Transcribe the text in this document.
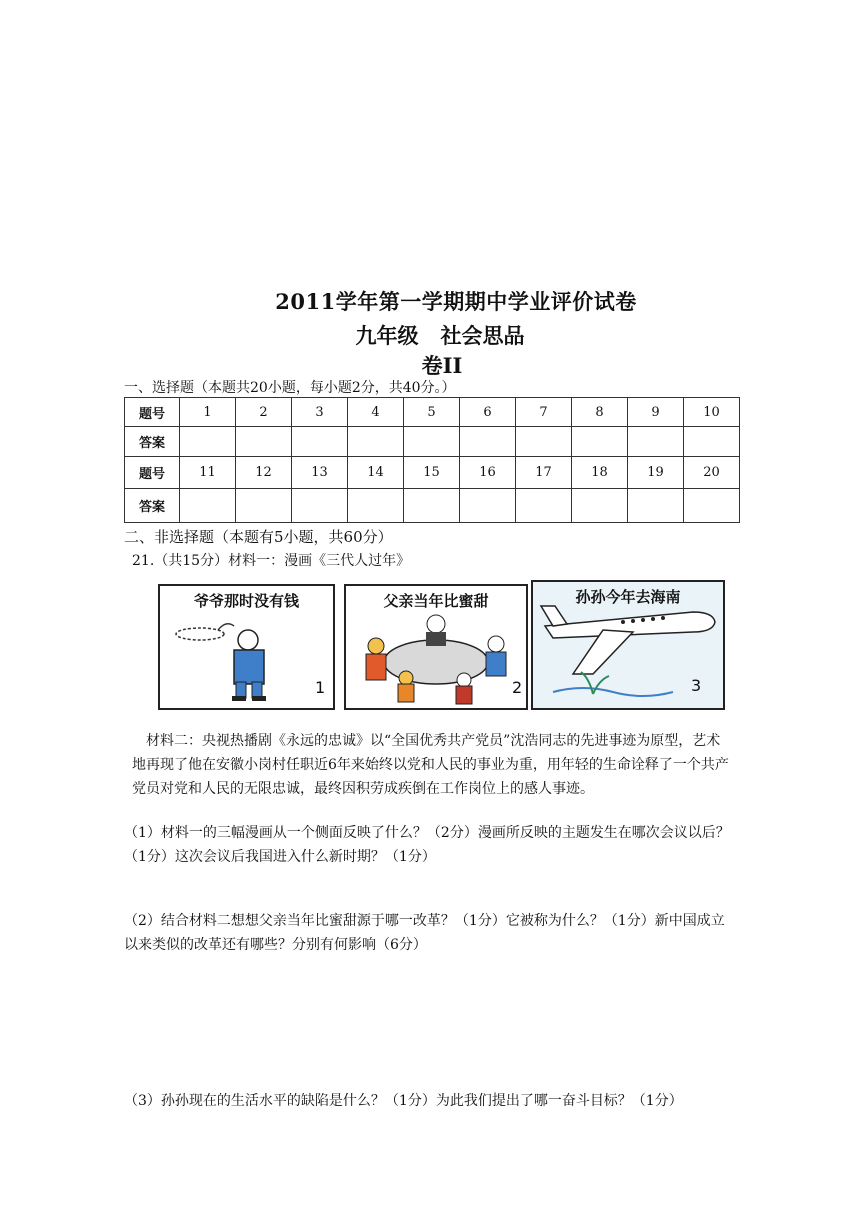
2011学年第一学期期中学业评价试卷
九年级   社会思品
卷II
一、选择题（本题共20小题，每小题2分，共40分。）
题号	1	2	3	4	5	6	7	8	9	10
答案										
题号	11	12	13	14	15	16	17	18	19	20
答案										
二、非选择题（本题有5小题，共60分）
21.（共15分）材料一：漫画《三代人过年》
爷爷那时没有钱
1
父亲当年比蜜甜
2
孙孙今年去海南
3
材料二：央视热播剧《永远的忠诚》以“全国优秀共产党员”沈浩同志的先进事迹为原型，艺术地再现了他在安徽小岗村任职近6年来始终以党和人民的事业为重，用年轻的生命诠释了一个共产党员对党和人民的无限忠诚，最终因积劳成疾倒在工作岗位上的感人事迹。
（1）材料一的三幅漫画从一个侧面反映了什么？（2分）漫画所反映的主题发生在哪次会议以后？（1分）这次会议后我国进入什么新时期？（1分）
（2）结合材料二想想父亲当年比蜜甜源于哪一改革？（1分）它被称为什么？（1分）新中国成立以来类似的改革还有哪些？分别有何影响（6分）
（3）孙孙现在的生活水平的缺陷是什么？（1分）为此我们提出了哪一奋斗目标？（1分）
